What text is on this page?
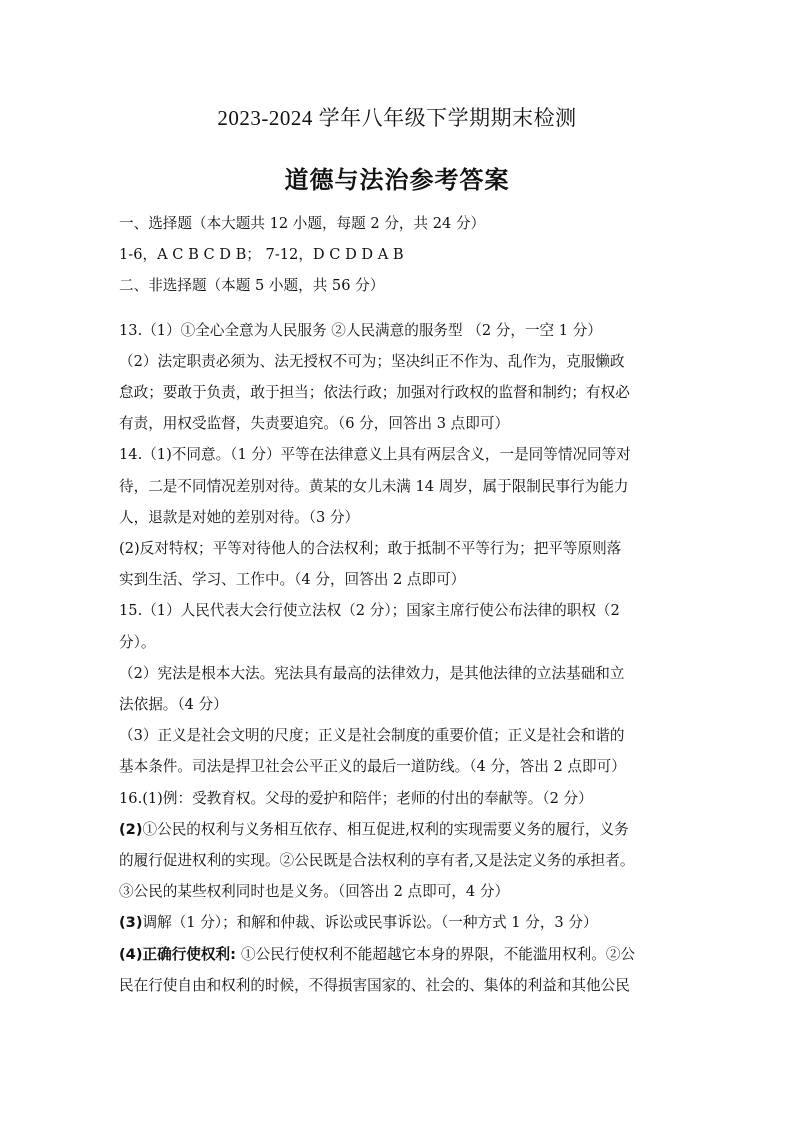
2023-2024 学年八年级下学期期末检测
道德与法治参考答案

一、选择题（本大题共 12 小题，每题 2 分，共 24 分）

1-6，A C B C D B； 7-12，D C D D A B

二、非选择题（本题 5 小题，共 56 分）

13.（1）①全心全意为人民服务 ②人民满意的服务型 （2 分，一空 1 分）

（2）法定职责必须为、法无授权不可为；坚决纠正不作为、乱作为，克服懒政

怠政；要敢于负责，敢于担当；依法行政；加强对行政权的监督和制约；有权必

有责，用权受监督，失责要追究。（6 分，回答出 3 点即可）

14.（1)不同意。（1 分）平等在法律意义上具有两层含义，一是同等情况同等对

待，二是不同情况差别对待。黄某的女儿未满 14 周岁，属于限制民事行为能力

人，退款是对她的差别对待。（3 分）

(2)反对特权；平等对待他人的合法权利；敢于抵制不平等行为；把平等原则落

实到生活、学习、工作中。（4 分，回答出 2 点即可）

15.（1）人民代表大会行使立法权（2 分）；国家主席行使公布法律的职权（2

分）。

（2）宪法是根本大法。宪法具有最高的法律效力，是其他法律的立法基础和立

法依据。（4 分）

（3）正义是社会文明的尺度；正义是社会制度的重要价值；正义是社会和谐的

基本条件。司法是捍卫社会公平正义的最后一道防线。（4 分，答出 2 点即可）

16.(1)例：受教育权。父母的爱护和陪伴；老师的付出的奉献等。（2 分）

(2)①公民的权利与义务相互依存、相互促进,权利的实现需要义务的履行，义务

的履行促进权利的实现。②公民既是合法权利的享有者,又是法定义务的承担者。

③公民的某些权利同时也是义务。（回答出 2 点即可，4 分）

(3)调解（1 分）；和解和仲裁、诉讼或民事诉讼。（一种方式 1 分，3 分）

(4)正确行使权利: ①公民行使权利不能超越它本身的界限，不能滥用权利。②公

民在行使自由和权利的时候，不得损害国家的、社会的、集体的利益和其他公民
